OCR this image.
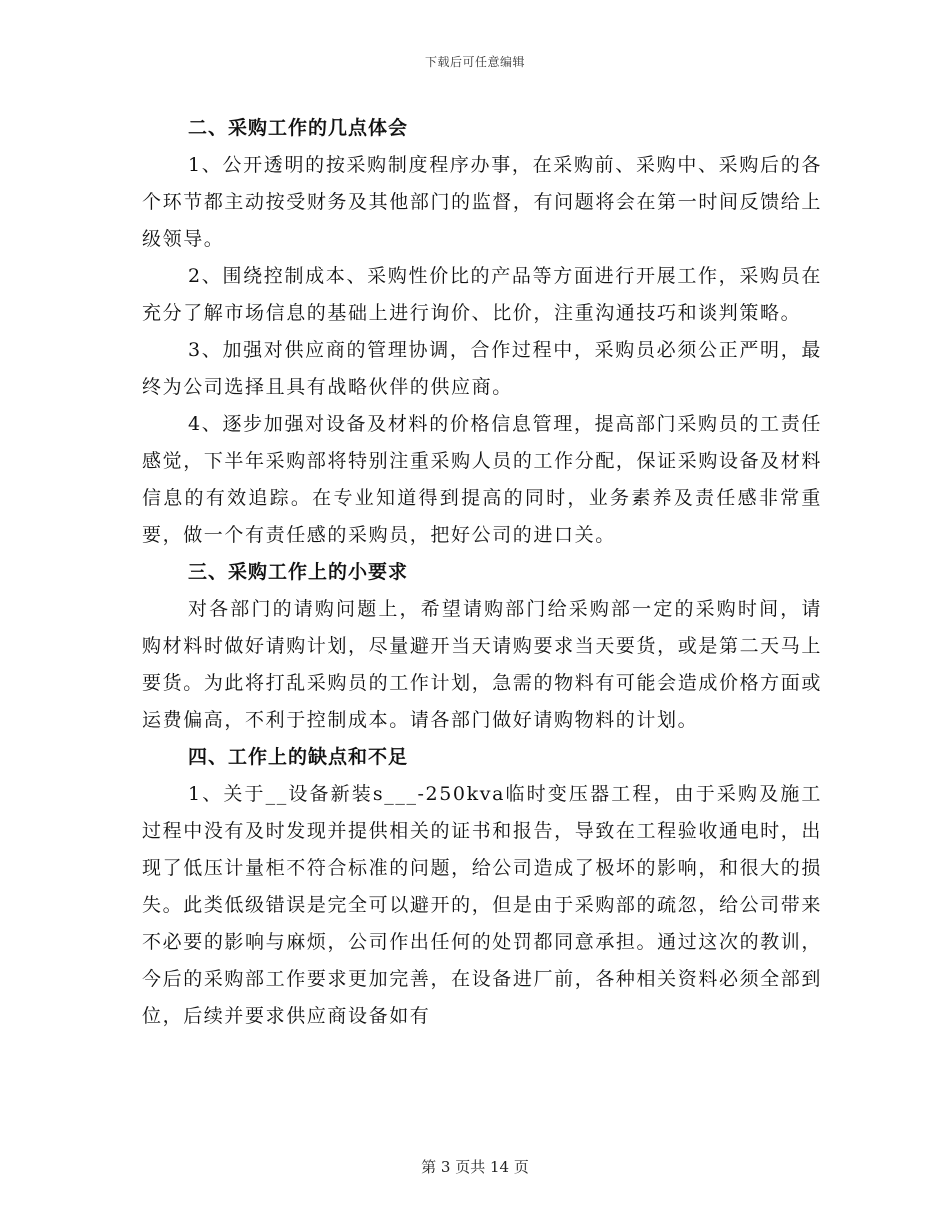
下载后可任意编辑
二、采购工作的几点体会

1、公开透明的按采购制度程序办事，在采购前、采购中、采购后的各个环节都主动按受财务及其他部门的监督，有问题将会在第一时间反馈给上级领导。

2、围绕控制成本、采购性价比的产品等方面进行开展工作，采购员在充分了解市场信息的基础上进行询价、比价，注重沟通技巧和谈判策略。

3、加强对供应商的管理协调，合作过程中，采购员必须公正严明，最终为公司选择且具有战略伙伴的供应商。

4、逐步加强对设备及材料的价格信息管理，提高部门采购员的工责任感觉，下半年采购部将特别注重采购人员的工作分配，保证采购设备及材料信息的有效追踪。在专业知道得到提高的同时，业务素养及责任感非常重要，做一个有责任感的采购员，把好公司的进口关。

三、采购工作上的小要求

对各部门的请购问题上，希望请购部门给采购部一定的采购时间，请购材料时做好请购计划，尽量避开当天请购要求当天要货，或是第二天马上要货。为此将打乱采购员的工作计划，急需的物料有可能会造成价格方面或运费偏高，不利于控制成本。请各部门做好请购物料的计划。

四、工作上的缺点和不足

1、关于__设备新装s___-250kva临时变压器工程，由于采购及施工过程中没有及时发现并提供相关的证书和报告，导致在工程验收通电时，出现了低压计量柜不符合标准的问题，给公司造成了极坏的影响，和很大的损失。此类低级错误是完全可以避开的，但是由于采购部的疏忽，给公司带来不必要的影响与麻烦，公司作出任何的处罚都同意承担。通过这次的教训，今后的采购部工作要求更加完善，在设备进厂前，各种相关资料必须全部到位，后续并要求供应商设备如有

第 3 页共 14 页
